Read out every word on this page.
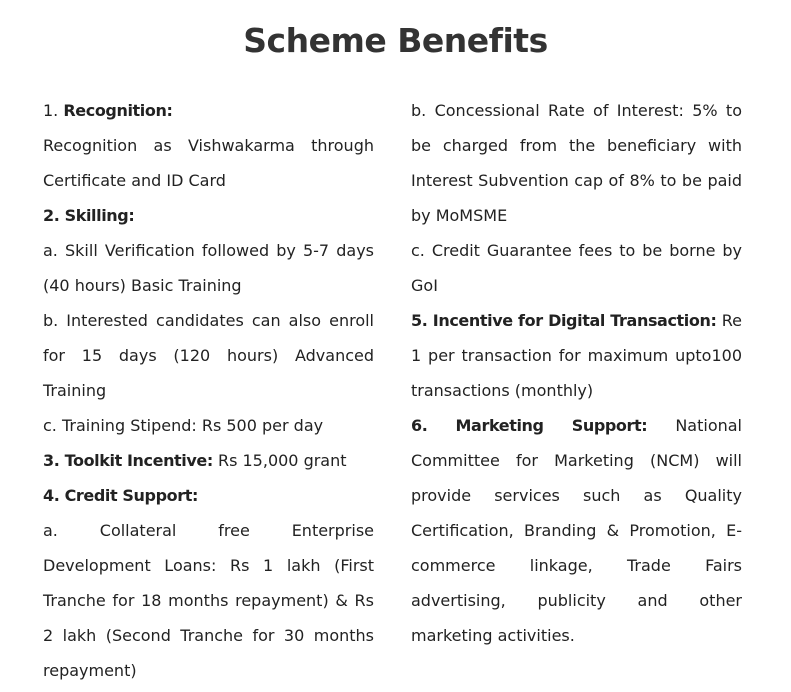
Scheme Benefits

1. Recognition:

Recognition as Vishwakarma through Certificate and ID Card

2. Skilling:

a. Skill Verification followed by 5-7 days (40 hours) Basic Training

b. Interested candidates can also enroll for 15 days (120 hours) Advanced Training

c. Training Stipend: Rs 500 per day

3. Toolkit Incentive: Rs 15,000 grant

4. Credit Support:

a. Collateral free Enterprise Development Loans: Rs 1 lakh (First Tranche for 18 months repayment) & Rs 2 lakh (Second Tranche for 30 months repayment)

b. Concessional Rate of Interest: 5% to be charged from the beneficiary with Interest Subvention cap of 8% to be paid by MoMSME

c. Credit Guarantee fees to be borne by GoI

5. Incentive for Digital Transaction: Re 1 per transaction for maximum upto100 transactions (monthly)

6. Marketing Support: National Committee for Marketing (NCM) will provide services such as Quality Certification, Branding & Promotion, E-commerce linkage, Trade Fairs advertising, publicity and other marketing activities.
